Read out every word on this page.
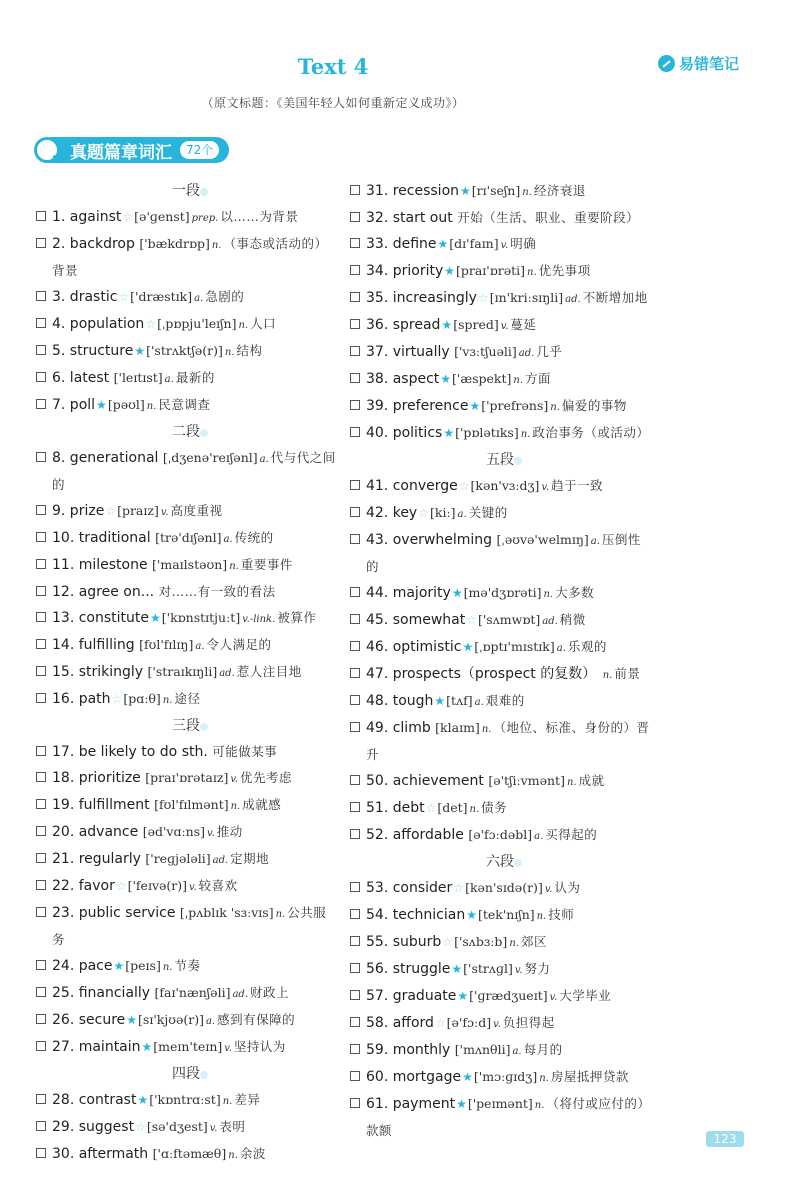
Text 4
（原文标题：《美国年轻人如何重新定义成功》）
易错笔记
真题篇章词汇	72个
一段
1. against☆[ə'ɡenst] prep. 以……为背景
2. backdrop ['bækdrɒp] n. （事态或活动的）背景
3. drastic☆['dræstɪk] a. 急剧的
4. population☆[ˌpɒpju'leɪʃn] n. 人口
5. structure★['strʌktʃə(r)] n. 结构
6. latest ['leɪtɪst] a. 最新的
7. poll★[pəʊl] n. 民意调查
二段
8. generational [ˌdʒenə'reɪʃənl] a. 代与代之间的
9. prize☆[praɪz] v. 高度重视
10. traditional [trə'dɪʃənl] a. 传统的
11. milestone ['maɪlstəʊn] n. 重要事件
12. agree on... 对……有一致的看法
13. constitute★['kɒnstɪtjuːt] v.-link. 被算作
14. fulfilling [fʊl'fɪlɪŋ] a. 令人满足的
15. strikingly ['straɪkɪŋli] ad. 惹人注目地
16. path☆[pɑːθ] n. 途径
三段
17. be likely to do sth. 可能做某事
18. prioritize [praɪ'ɒrətaɪz] v. 优先考虑
19. fulfillment [fʊl'fɪlmənt] n. 成就感
20. advance [əd'vɑːns] v. 推动
21. regularly ['reɡjələli] ad. 定期地
22. favor☆['feɪvə(r)] v. 较喜欢
23. public service [ˌpʌblɪk 'sɜːvɪs] n. 公共服务
24. pace★[peɪs] n. 节奏
25. financially [faɪ'nænʃəli] ad. 财政上
26. secure★[sɪ'kjʊə(r)] a. 感到有保障的
27. maintain★[meɪn'teɪn] v. 坚持认为
四段
28. contrast★['kɒntrɑːst] n. 差异
29. suggest☆[sə'dʒest] v. 表明
30. aftermath ['ɑːftəmæθ] n. 余波
31. recession★[rɪ'seʃn] n. 经济衰退
32. start out 开始（生活、职业、重要阶段）
33. define★[dɪ'faɪn] v. 明确
34. priority★[praɪ'ɒrəti] n. 优先事项
35. increasingly☆[ɪn'kriːsɪŋli] ad. 不断增加地
36. spread★[spred] v. 蔓延
37. virtually ['vɜːtʃuəli] ad. 几乎
38. aspect★['æspekt] n. 方面
39. preference★['prefrəns] n. 偏爱的事物
40. politics★['pɒlətɪks] n. 政治事务（或活动）
五段
41. converge☆[kən'vɜːdʒ] v. 趋于一致
42. key☆[kiː] a. 关键的
43. overwhelming [ˌəʊvə'welmɪŋ] a. 压倒性的
44. majority★[mə'dʒɒrəti] n. 大多数
45. somewhat☆['sʌmwɒt] ad. 稍微
46. optimistic★[ˌɒptɪ'mɪstɪk] a. 乐观的
47. prospects（prospect 的复数） n. 前景
48. tough★[tʌf] a. 艰难的
49. climb [klaɪm] n. （地位、标准、身份的）晋升
50. achievement [ə'tʃiːvmənt] n. 成就
51. debt☆[det] n. 债务
52. affordable [ə'fɔːdəbl] a. 买得起的
六段
53. consider☆[kən'sɪdə(r)] v. 认为
54. technician★[tek'nɪʃn] n. 技师
55. suburb☆['sʌbɜːb] n. 郊区
56. struggle★['strʌɡl] v. 努力
57. graduate★['ɡrædʒueɪt] v. 大学毕业
58. afford☆[ə'fɔːd] v. 负担得起
59. monthly ['mʌnθli] a. 每月的
60. mortgage★['mɔːɡɪdʒ] n. 房屋抵押贷款
61. payment★['peɪmənt] n. （将付或应付的）款额
123
